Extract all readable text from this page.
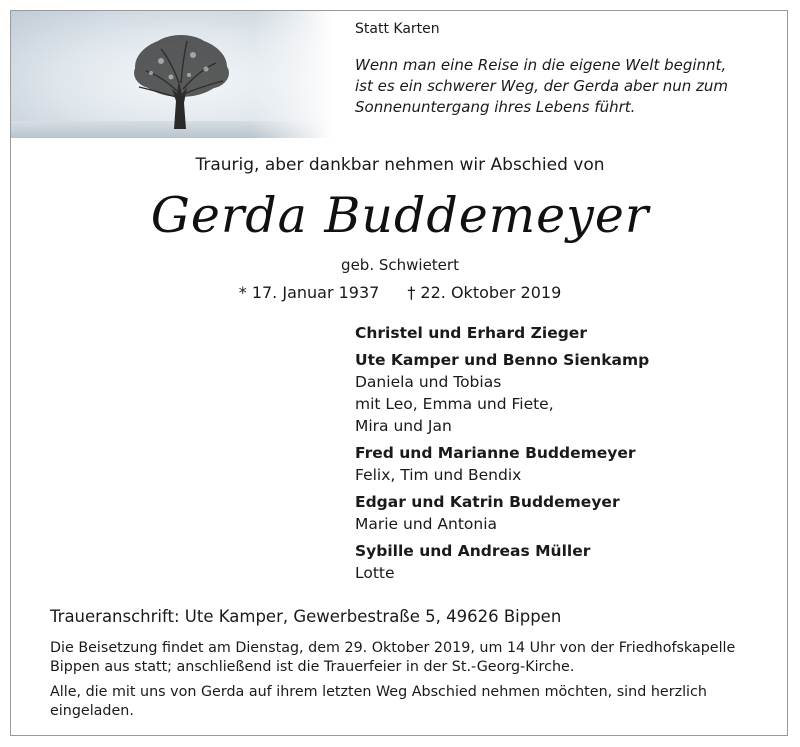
Statt Karten
Wenn man eine Reise in die eigene Welt beginnt,
ist es ein schwerer Weg, der Gerda aber nun zum
Sonnenuntergang ihres Lebens führt.
Traurig, aber dankbar nehmen wir Abschied von
Gerda Buddemeyer
geb. Schwietert
* 17. Januar 1937 † 22. Oktober 2019
Christel und Erhard Zieger
Ute Kamper und Benno Sienkamp
Daniela und Tobias
mit Leo, Emma und Fiete,
Mira und Jan
Fred und Marianne Buddemeyer
Felix, Tim und Bendix
Edgar und Katrin Buddemeyer
Marie und Antonia
Sybille und Andreas Müller
Lotte
Traueranschrift: Ute Kamper, Gewerbestraße 5, 49626 Bippen
Die Beisetzung findet am Dienstag, dem 29. Oktober 2019, um 14 Uhr von der Friedhofskapelle Bippen aus statt; anschließend ist die Trauerfeier in der St.-Georg-Kirche.
Alle, die mit uns von Gerda auf ihrem letzten Weg Abschied nehmen möchten, sind herzlich eingeladen.
